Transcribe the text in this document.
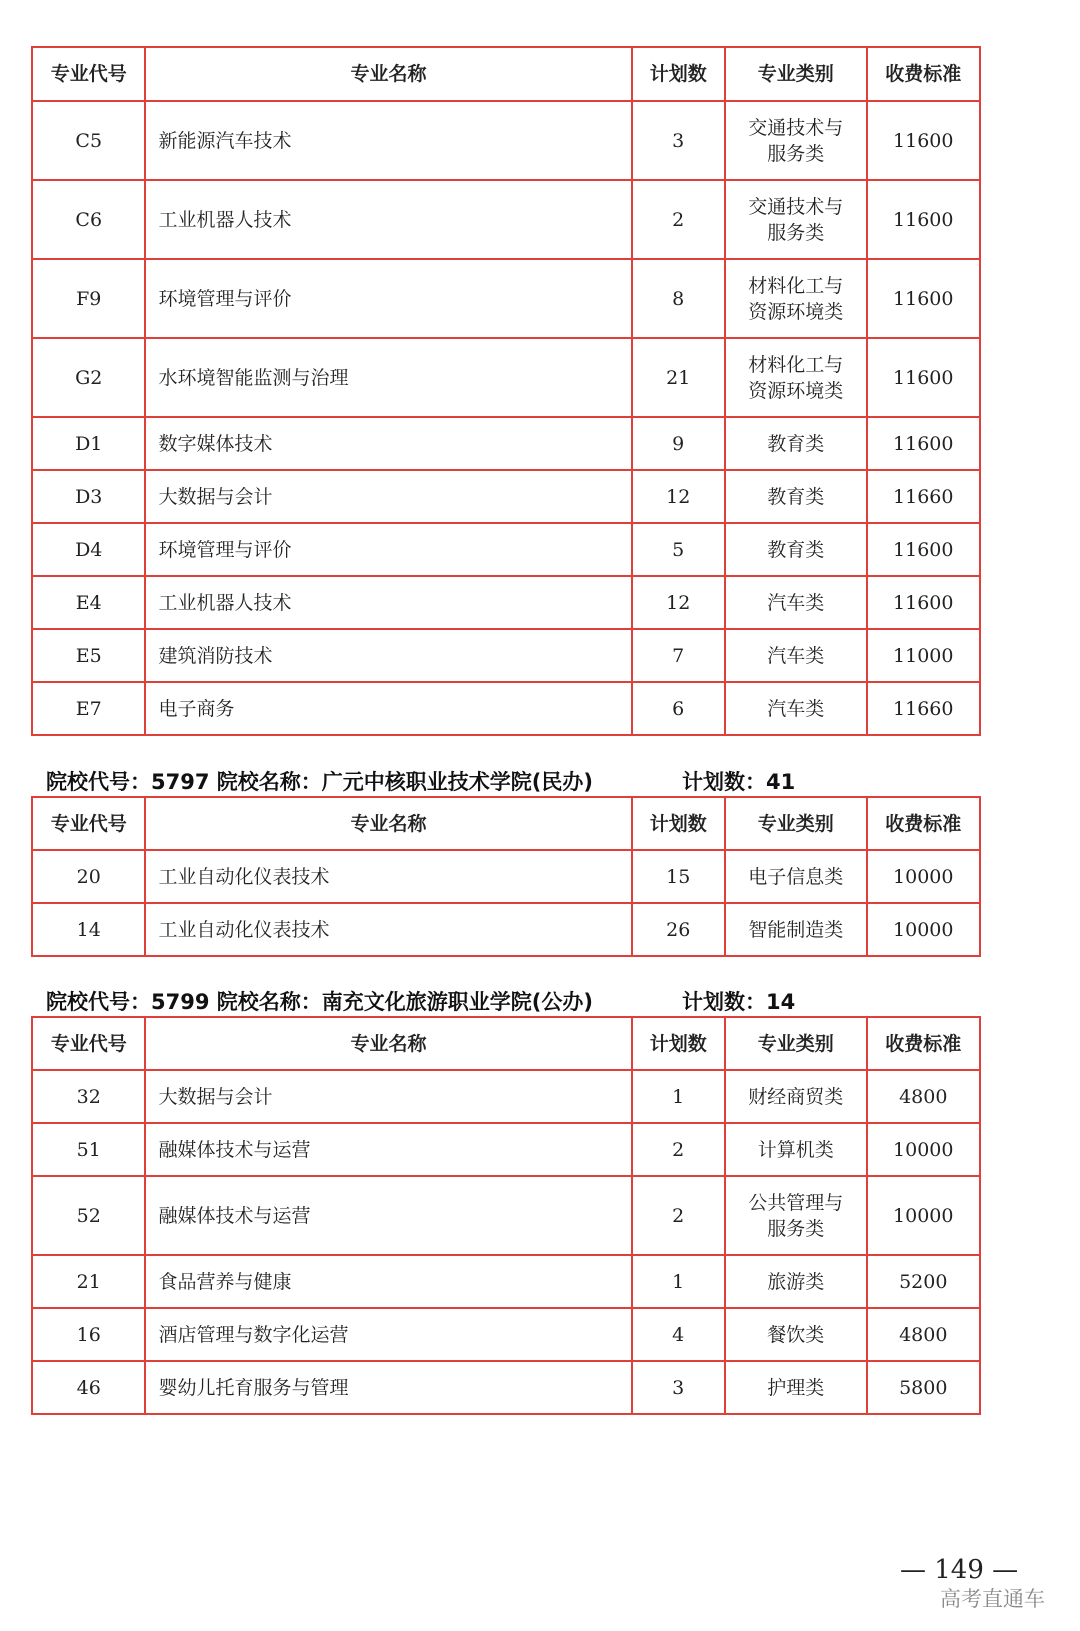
专业代号	专业名称	计划数	专业类别	收费标准
C5	新能源汽车技术	3	交通技术与
服务类	11600
C6	工业机器人技术	2	交通技术与
服务类	11600
F9	环境管理与评价	8	材料化工与
资源环境类	11600
G2	水环境智能监测与治理	21	材料化工与
资源环境类	11600
D1	数字媒体技术	9	教育类	11600
D3	大数据与会计	12	教育类	11660
D4	环境管理与评价	5	教育类	11600
E4	工业机器人技术	12	汽车类	11600
E5	建筑消防技术	7	汽车类	11000
E7	电子商务	6	汽车类	11660
院校代号：5797 院校名称：广元中核职业技术学院(民办)	计划数：41
专业代号	专业名称	计划数	专业类别	收费标准
20	工业自动化仪表技术	15	电子信息类	10000
14	工业自动化仪表技术	26	智能制造类	10000
院校代号：5799 院校名称：南充文化旅游职业学院(公办)	计划数：14
专业代号	专业名称	计划数	专业类别	收费标准
32	大数据与会计	1	财经商贸类	4800
51	融媒体技术与运营	2	计算机类	10000
52	融媒体技术与运营	2	公共管理与
服务类	10000
21	食品营养与健康	1	旅游类	5200
16	酒店管理与数字化运营	4	餐饮类	4800
46	婴幼儿托育服务与管理	3	护理类	5800
— 149 —
高考直通车
